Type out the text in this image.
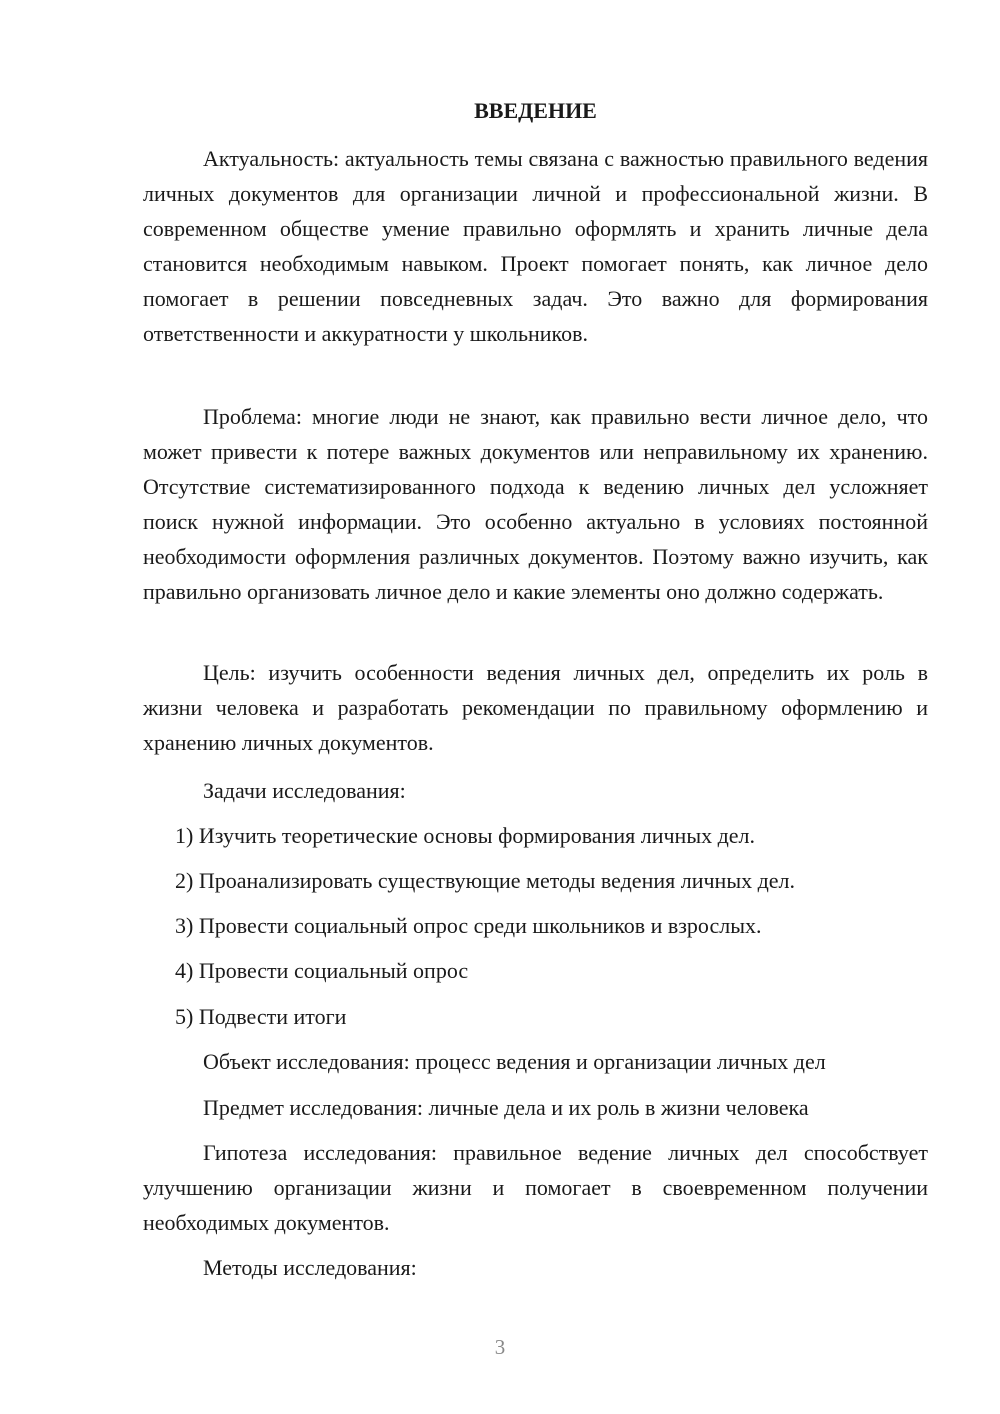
ВВЕДЕНИЕ

Актуальность: актуальность темы связана с важностью правильного ведения личных документов для организации личной и профессиональной жизни. В современном обществе умение правильно оформлять и хранить личные дела становится необходимым навыком. Проект помогает понять, как личное дело помогает в решении повседневных задач. Это важно для формирования ответственности и аккуратности у школьников.

Проблема: многие люди не знают, как правильно вести личное дело, что может привести к потере важных документов или неправильному их хранению. Отсутствие систематизированного подхода к ведению личных дел усложняет поиск нужной информации. Это особенно актуально в условиях постоянной необходимости оформления различных документов. Поэтому важно изучить, как правильно организовать личное дело и какие элементы оно должно содержать.

Цель: изучить особенности ведения личных дел, определить их роль в жизни человека и разработать рекомендации по правильному оформлению и хранению личных документов.

Задачи исследования:
1) Изучить теоретические основы формирования личных дел.
2) Проанализировать существующие методы ведения личных дел.
3) Провести социальный опрос среди школьников и взрослых.
4) Провести социальный опрос
5) Подвести итоги
Объект исследования: процесс ведения и организации личных дел
Предмет исследования: личные дела и их роль в жизни человека

Гипотеза исследования: правильное ведение личных дел способствует улучшению организации жизни и помогает в своевременном получении необходимых документов.

Методы исследования:
3
